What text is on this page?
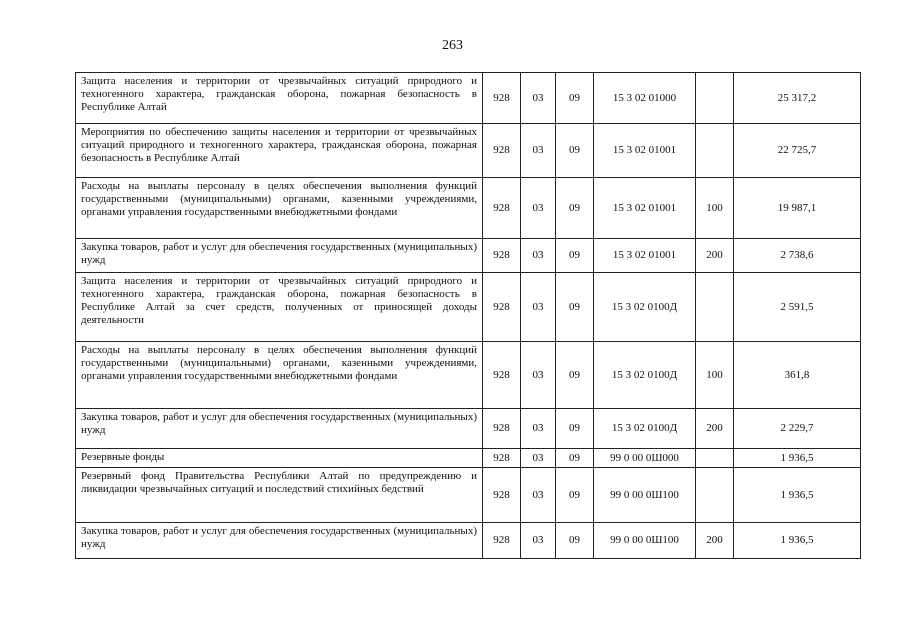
263
Защита населения и территории от чрезвычайных ситуаций природного и техногенного характера, гражданская оборона, пожарная безопасность в Республике Алтай	928	03	09	15 3 02 01000		25 317,2
Мероприятия по обеспечению защиты населения и территории от чрезвычайных ситуаций природного и техногенного характера, гражданская оборона, пожарная безопасность в Республике Алтай	928	03	09	15 3 02 01001		22 725,7
Расходы на выплаты персоналу в целях обеспечения выполнения функций государственными (муниципальными) органами, казенными учреждениями, органами управления государственными внебюджетными фондами	928	03	09	15 3 02 01001	100	19 987,1
Закупка товаров, работ и услуг для обеспечения государственных (муниципальных) нужд	928	03	09	15 3 02 01001	200	2 738,6
Защита населения и территории от чрезвычайных ситуаций природного и техногенного характера, гражданская оборона, пожарная безопасность в Республике Алтай за счет средств, полученных от приносящей доходы деятельности	928	03	09	15 3 02 0100Д		2 591,5
Расходы на выплаты персоналу в целях обеспечения выполнения функций государственными (муниципальными) органами, казенными учреждениями, органами управления государственными внебюджетными фондами	928	03	09	15 3 02 0100Д	100	361,8
Закупка товаров, работ и услуг для обеспечения государственных (муниципальных) нужд	928	03	09	15 3 02 0100Д	200	2 229,7
Резервные фонды	928	03	09	99 0 00 0Ш000		1 936,5
Резервный фонд Правительства Республики Алтай по предупреждению и ликвидации чрезвычайных ситуаций и последствий стихийных бедствий	928	03	09	99 0 00 0Ш100		1 936,5
Закупка товаров, работ и услуг для обеспечения государственных (муниципальных) нужд	928	03	09	99 0 00 0Ш100	200	1 936,5
